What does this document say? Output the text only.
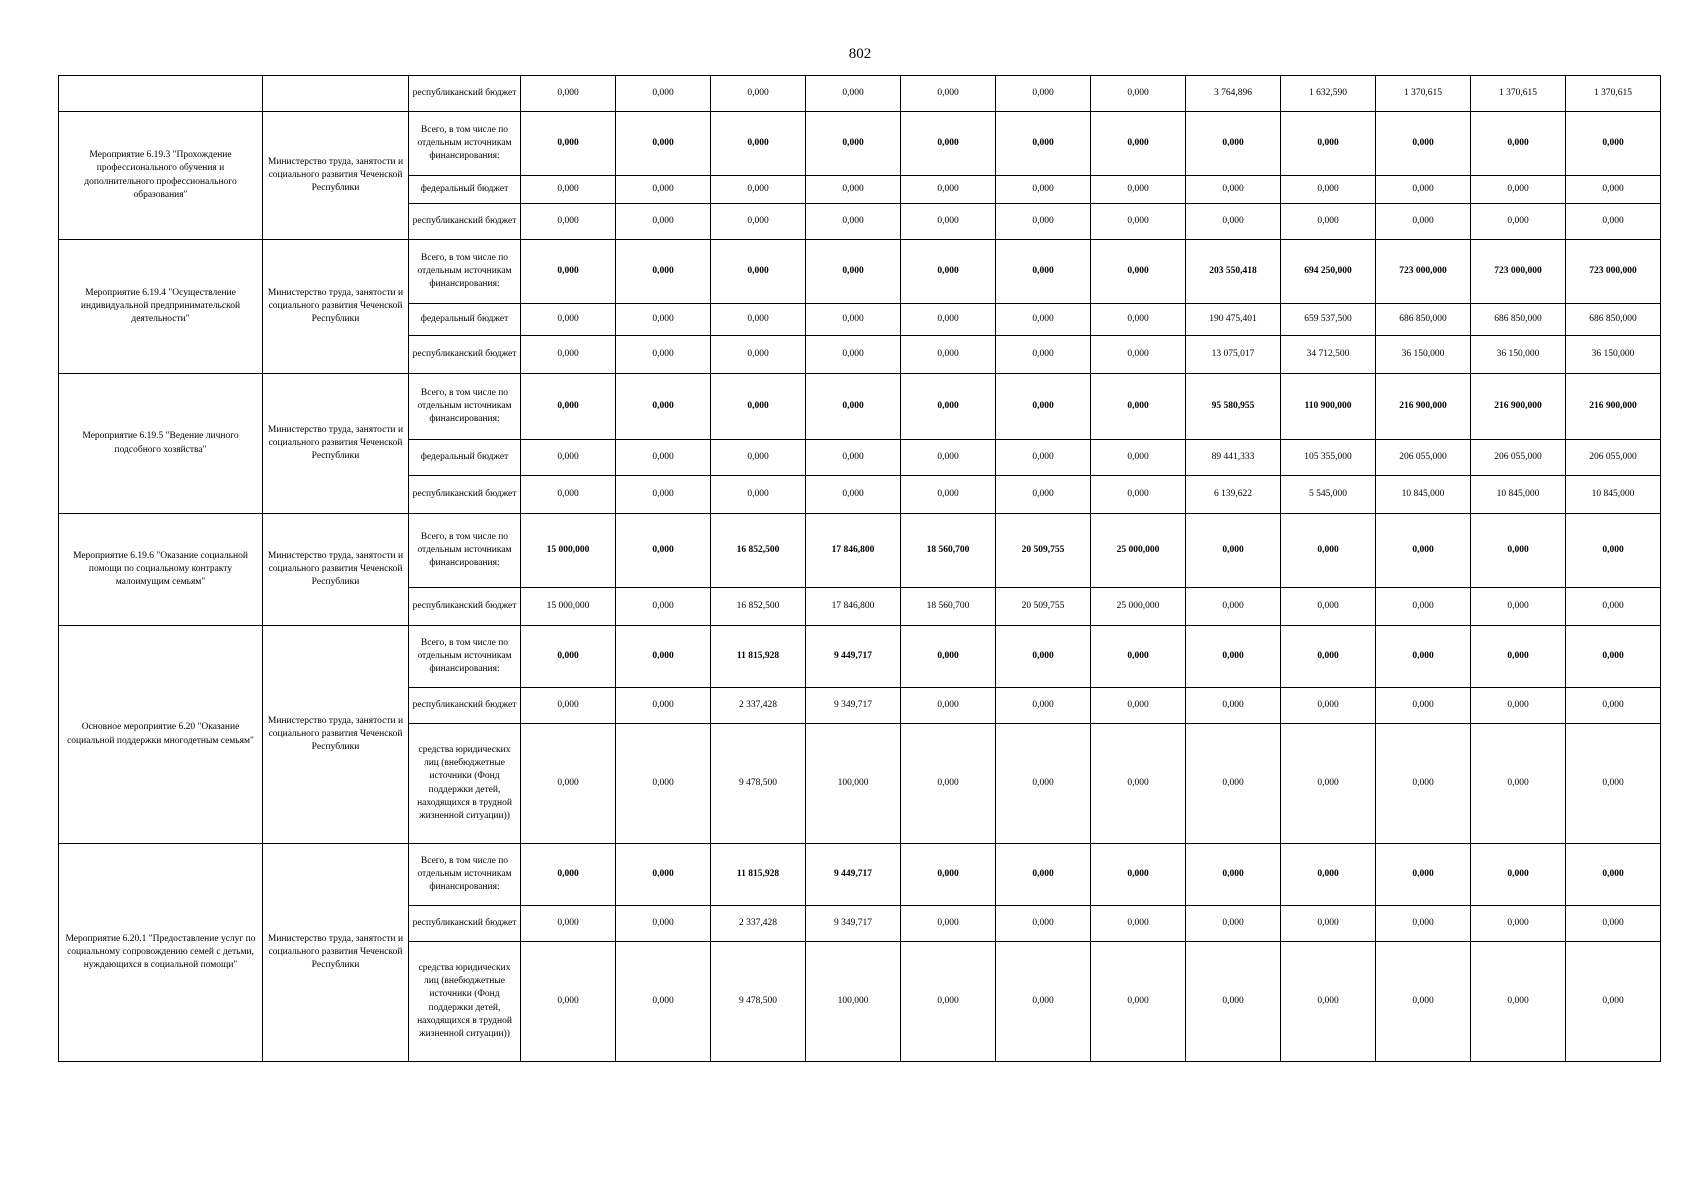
802
		республиканский бюджет	0,000	0,000	0,000	0,000	0,000	0,000	0,000	3 764,896	1 632,590	1 370,615	1 370,615	1 370,615
Мероприятие 6.19.3 "Прохождение профессионального обучения и дополнительного профессионального образования"	Министерство труда, занятости и социального развития Чеченской Республики	Всего, в том числе по отдельным источникам финансирования:	0,000	0,000	0,000	0,000	0,000	0,000	0,000	0,000	0,000	0,000	0,000	0,000
		федеральный бюджет	0,000	0,000	0,000	0,000	0,000	0,000	0,000	0,000	0,000	0,000	0,000	0,000
		республиканский бюджет	0,000	0,000	0,000	0,000	0,000	0,000	0,000	0,000	0,000	0,000	0,000	0,000
Мероприятие 6.19.4 "Осуществление индивидуальной предпринимательской деятельности"	Министерство труда, занятости и социального развития Чеченской Республики	Всего, в том числе по отдельным источникам финансирования:	0,000	0,000	0,000	0,000	0,000	0,000	0,000	203 550,418	694 250,000	723 000,000	723 000,000	723 000,000
		федеральный бюджет	0,000	0,000	0,000	0,000	0,000	0,000	0,000	190 475,401	659 537,500	686 850,000	686 850,000	686 850,000
		республиканский бюджет	0,000	0,000	0,000	0,000	0,000	0,000	0,000	13 075,017	34 712,500	36 150,000	36 150,000	36 150,000
Мероприятие 6.19.5 "Ведение личного подсобного хозяйства"	Министерство труда, занятости и социального развития Чеченской Республики	Всего, в том числе по отдельным источникам финансирования:	0,000	0,000	0,000	0,000	0,000	0,000	0,000	95 580,955	110 900,000	216 900,000	216 900,000	216 900,000
		федеральный бюджет	0,000	0,000	0,000	0,000	0,000	0,000	0,000	89 441,333	105 355,000	206 055,000	206 055,000	206 055,000
		республиканский бюджет	0,000	0,000	0,000	0,000	0,000	0,000	0,000	6 139,622	5 545,000	10 845,000	10 845,000	10 845,000
Мероприятие 6.19.6 "Оказание социальной помощи по социальному контракту малоимущим семьям"	Министерство труда, занятости и социального развития Чеченской Республики	Всего, в том числе по отдельным источникам финансирования:	15 000,000	0,000	16 852,500	17 846,800	18 560,700	20 509,755	25 000,000	0,000	0,000	0,000	0,000	0,000
		республиканский бюджет	15 000,000	0,000	16 852,500	17 846,800	18 560,700	20 509,755	25 000,000	0,000	0,000	0,000	0,000	0,000
Основное мероприятие 6.20 "Оказание социальной поддержки многодетным семьям"	Министерство труда, занятости и социального развития Чеченской Республики	Всего, в том числе по отдельным источникам финансирования:	0,000	0,000	11 815,928	9 449,717	0,000	0,000	0,000	0,000	0,000	0,000	0,000	0,000
		республиканский бюджет	0,000	0,000	2 337,428	9 349,717	0,000	0,000	0,000	0,000	0,000	0,000	0,000	0,000
		средства юридических лиц (внебюджетные источники (Фонд поддержки детей, находящихся в трудной жизненной ситуации))	0,000	0,000	9 478,500	100,000	0,000	0,000	0,000	0,000	0,000	0,000	0,000	0,000
Мероприятие 6.20.1 "Предоставление услуг по социальному сопровождению семей с детьми, нуждающихся в социальной помощи"	Министерство труда, занятости и социального развития Чеченской Республики	Всего, в том числе по отдельным источникам финансирования:	0,000	0,000	11 815,928	9 449,717	0,000	0,000	0,000	0,000	0,000	0,000	0,000	0,000
		республиканский бюджет	0,000	0,000	2 337,428	9 349,717	0,000	0,000	0,000	0,000	0,000	0,000	0,000	0,000
		средства юридических лиц (внебюджетные источники (Фонд поддержки детей, находящихся в трудной жизненной ситуации))	0,000	0,000	9 478,500	100,000	0,000	0,000	0,000	0,000	0,000	0,000	0,000	0,000
